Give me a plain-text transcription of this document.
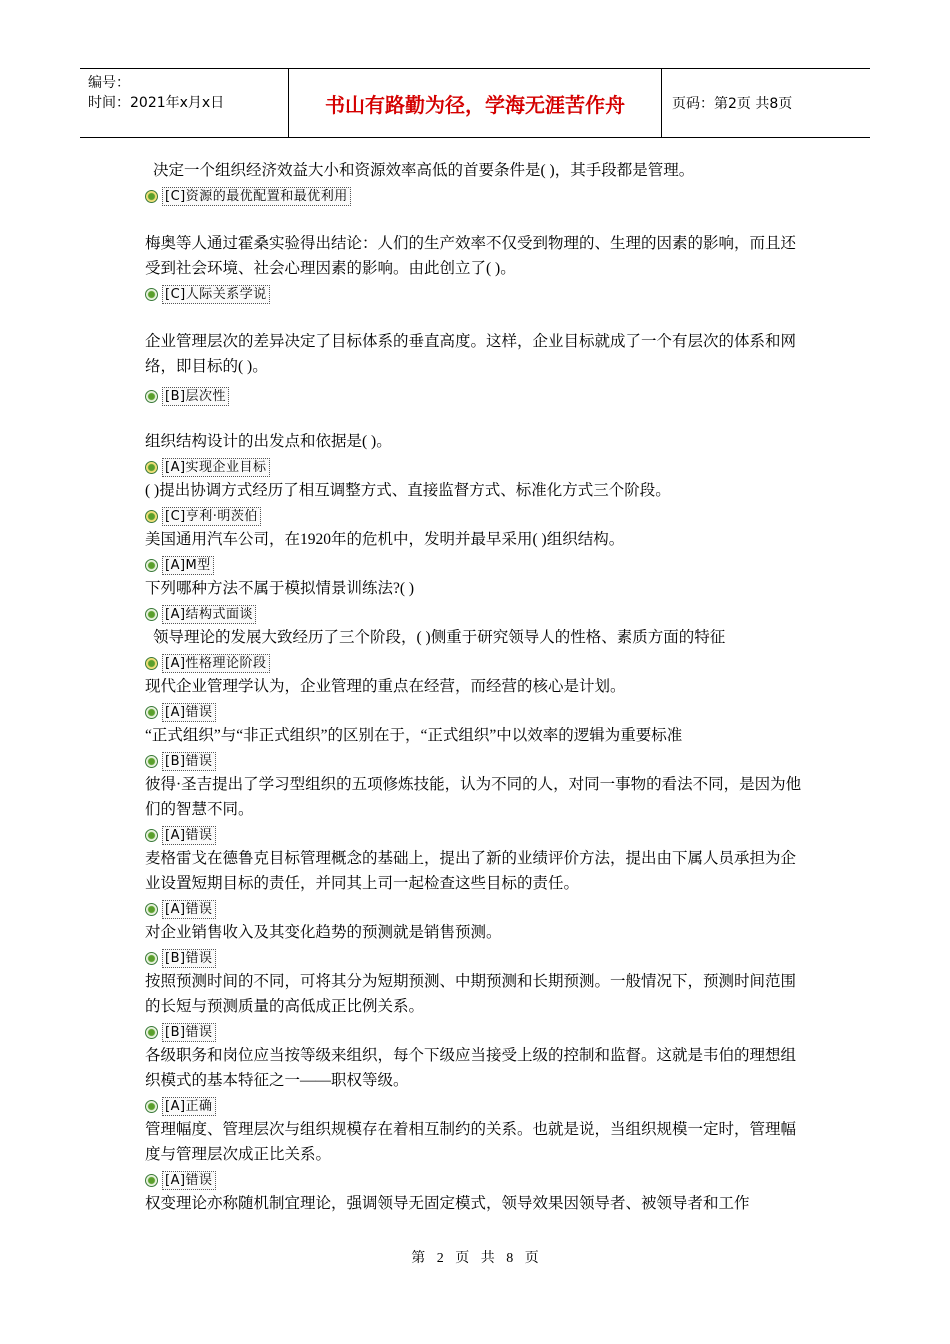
编号：
时间：2021年x月x日	书山有路勤为径，学海无涯苦作舟	页码：第2页 共8页

决定一个组织经济效益大小和资源效率高低的首要条件是( )，其手段都是管理。

[C]资源的最优配置和最优利用

梅奥等人通过霍桑实验得出结论：人们的生产效率不仅受到物理的、生理的因素的影响，而且还受到社会环境、社会心理因素的影响。由此创立了( )。

[C]人际关系学说

企业管理层次的差异决定了目标体系的垂直高度。这样，企业目标就成了一个有层次的体系和网络，即目标的( )。

[B]层次性

组织结构设计的出发点和依据是( )。

[A]实现企业目标

( )提出协调方式经历了相互调整方式、直接监督方式、标准化方式三个阶段。

[C]亨利·明茨伯

美国通用汽车公司，在1920年的危机中，发明并最早采用( )组织结构。

[A]M型

下列哪种方法不属于模拟情景训练法?( )

[A]结构式面谈

领导理论的发展大致经历了三个阶段，( )侧重于研究领导人的性格、素质方面的特征

[A]性格理论阶段

现代企业管理学认为，企业管理的重点在经营，而经营的核心是计划。

[A]错误

“正式组织”与“非正式组织”的区别在于，“正式组织”中以效率的逻辑为重要标准

[B]错误

彼得·圣吉提出了学习型组织的五项修炼技能，认为不同的人，对同一事物的看法不同，是因为他们的智慧不同。

[A]错误

麦格雷戈在德鲁克目标管理概念的基础上，提出了新的业绩评价方法，提出由下属人员承担为企业设置短期目标的责任，并同其上司一起检查这些目标的责任。

[A]错误

对企业销售收入及其变化趋势的预测就是销售预测。

[B]错误

按照预测时间的不同，可将其分为短期预测、中期预测和长期预测。一般情况下，预测时间范围的长短与预测质量的高低成正比例关系。

[B]错误

各级职务和岗位应当按等级来组织，每个下级应当接受上级的控制和监督。这就是韦伯的理想组织模式的基本特征之一——职权等级。

[A]正确

管理幅度、管理层次与组织规模存在着相互制约的关系。也就是说，当组织规模一定时，管理幅度与管理层次成正比关系。

[A]错误

权变理论亦称随机制宜理论，强调领导无固定模式，领导效果因领导者、被领导者和工作

第 2 页 共 8 页
